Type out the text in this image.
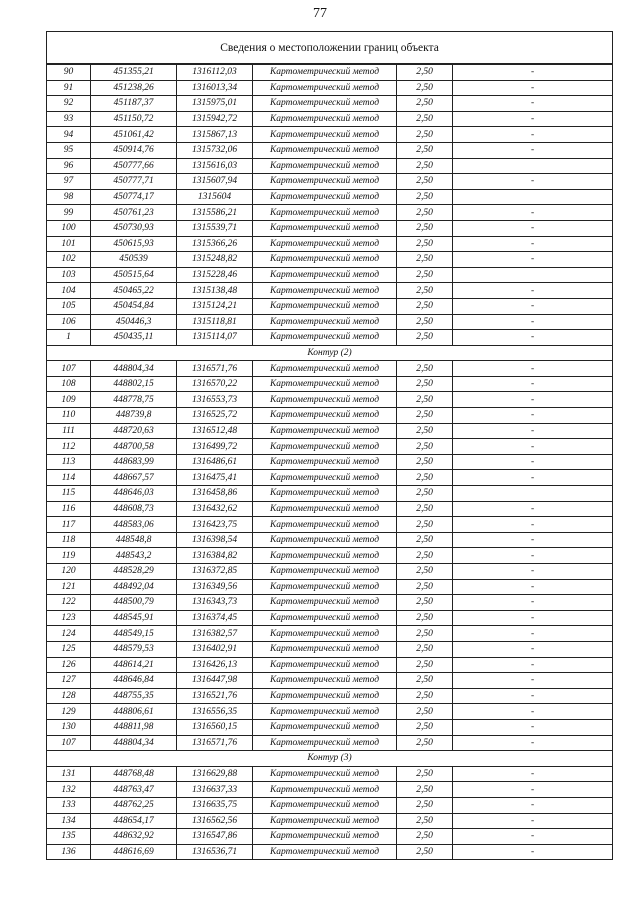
77
Сведения о местоположении границ объекта					
90	451355,21	1316112,03	Картометрический метод	2,50	-
91	451238,26	1316013,34	Картометрический метод	2,50	-
92	451187,37	1315975,01	Картометрический метод	2,50	-
93	451150,72	1315942,72	Картометрический метод	2,50	-
94	451061,42	1315867,13	Картометрический метод	2,50	-
95	450914,76	1315732,06	Картометрический метод	2,50	-
96	450777,66	1315616,03	Картометрический метод	2,50	
97	450777,71	1315607,94	Картометрический метод	2,50	-
98	450774,17	1315604	Картометрический метод	2,50	
99	450761,23	1315586,21	Картометрический метод	2,50	-
100	450730,93	1315539,71	Картометрический метод	2,50	-
101	450615,93	1315366,26	Картометрический метод	2,50	-
102	450539	1315248,82	Картометрический метод	2,50	-
103	450515,64	1315228,46	Картометрический метод	2,50	
104	450465,22	1315138,48	Картометрический метод	2,50	-
105	450454,84	1315124,21	Картометрический метод	2,50	-
106	450446,3	1315118,81	Картометрический метод	2,50	-
1	450435,11	1315114,07	Картометрический метод	2,50	-
Контур (2)					
107	448804,34	1316571,76	Картометрический метод	2,50	-
108	448802,15	1316570,22	Картометрический метод	2,50	-
109	448778,75	1316553,73	Картометрический метод	2,50	-
110	448739,8	1316525,72	Картометрический метод	2,50	-
111	448720,63	1316512,48	Картометрический метод	2,50	-
112	448700,58	1316499,72	Картометрический метод	2,50	-
113	448683,99	1316486,61	Картометрический метод	2,50	-
114	448667,57	1316475,41	Картометрический метод	2,50	-
115	448646,03	1316458,86	Картометрический метод	2,50	
116	448608,73	1316432,62	Картометрический метод	2,50	-
117	448583,06	1316423,75	Картометрический метод	2,50	-
118	448548,8	1316398,54	Картометрический метод	2,50	-
119	448543,2	1316384,82	Картометрический метод	2,50	-
120	448528,29	1316372,85	Картометрический метод	2,50	-
121	448492,04	1316349,56	Картометрический метод	2,50	-
122	448500,79	1316343,73	Картометрический метод	2,50	-
123	448545,91	1316374,45	Картометрический метод	2,50	-
124	448549,15	1316382,57	Картометрический метод	2,50	-
125	448579,53	1316402,91	Картометрический метод	2,50	-
126	448614,21	1316426,13	Картометрический метод	2,50	-
127	448646,84	1316447,98	Картометрический метод	2,50	-
128	448755,35	1316521,76	Картометрический метод	2,50	-
129	448806,61	1316556,35	Картометрический метод	2,50	-
130	448811,98	1316560,15	Картометрический метод	2,50	-
107	448804,34	1316571,76	Картометрический метод	2,50	-
Контур (3)					
131	448768,48	1316629,88	Картометрический метод	2,50	-
132	448763,47	1316637,33	Картометрический метод	2,50	-
133	448762,25	1316635,75	Картометрический метод	2,50	-
134	448654,17	1316562,56	Картометрический метод	2,50	-
135	448632,92	1316547,86	Картометрический метод	2,50	-
136	448616,69	1316536,71	Картометрический метод	2,50	-
